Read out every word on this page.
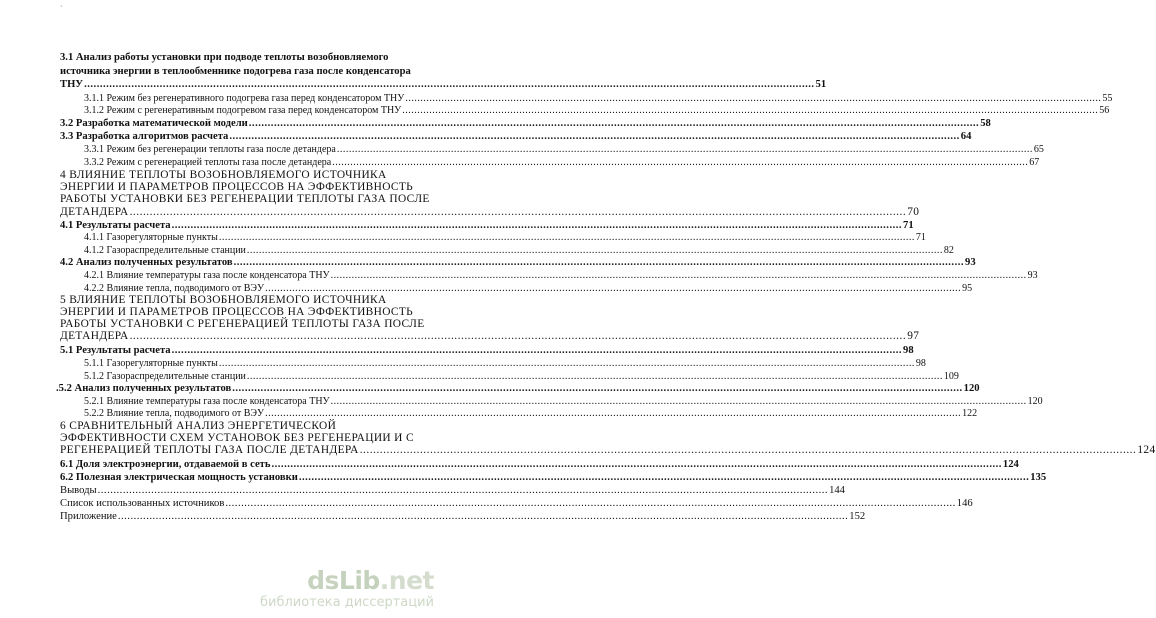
`
3.1 Анализ работы установки при подводе теплоты возобновляемого
источника энергии в теплообменнике подогрева газа после конденсатора
ТНУ .....	51
3.1.1 Режим без регенеративного подогрева газа перед конденсатором ТНУ .....	55
3.1.2 Режим с регенеративным подогревом газа перед конденсатором ТНУ .....	56
3.2 Разработка математической модели .....	58
3.3 Разработка алгоритмов расчета .....	64
3.3.1 Режим без регенерации теплоты газа после детандера .....	65
3.3.2 Режим с регенерацией теплоты газа после детандера .....	67
4 ВЛИЯНИЕ ТЕПЛОТЫ ВОЗОБНОВЛЯЕМОГО ИСТОЧНИКА
ЭНЕРГИИ И ПАРАМЕТРОВ ПРОЦЕССОВ НА ЭФФЕКТИВНОСТЬ
РАБОТЫ УСТАНОВКИ БЕЗ РЕГЕНЕРАЦИИ ТЕПЛОТЫ ГАЗА ПОСЛЕ
ДЕТАНДЕРА .....	70
4.1 Результаты расчета .....	71
4.1.1 Газорегуляторные пункты .....	71
4.1.2 Газораспределительные станции .....	82
4.2 Анализ полученных результатов .....	93
4.2.1 Влияние температуры газа после конденсатора ТНУ .....	93
4.2.2 Влияние тепла, подводимого от ВЭУ .....	95
5 ВЛИЯНИЕ ТЕПЛОТЫ ВОЗОБНОВЛЯЕМОГО ИСТОЧНИКА
ЭНЕРГИИ И ПАРАМЕТРОВ ПРОЦЕССОВ НА ЭФФЕКТИВНОСТЬ
РАБОТЫ УСТАНОВКИ С РЕГЕНЕРАЦИЕЙ ТЕПЛОТЫ ГАЗА ПОСЛЕ
ДЕТАНДЕРА .....	97
5.1 Результаты расчета .....	98
5.1.1 Газорегуляторные пункты .....	98
5.1.2 Газораспределительные станции .....	109
.5.2 Анализ полученных результатов .....	120
5.2.1 Влияние температуры газа после конденсатора ТНУ .....	120
5.2.2 Влияние тепла, подводимого от ВЭУ .....	122
6 СРАВНИТЕЛЬНЫЙ АНАЛИЗ ЭНЕРГЕТИЧЕСКОЙ
ЭФФЕКТИВНОСТИ СХЕМ УСТАНОВОК БЕЗ РЕГЕНЕРАЦИИ И С
РЕГЕНЕРАЦИЕЙ ТЕПЛОТЫ ГАЗА ПОСЛЕ ДЕТАНДЕРА .....	124
6.1 Доля электроэнергии, отдаваемой в сеть .....	124
6.2 Полезная электрическая мощность установки .....	135
Выводы .....	144
Список использованных источников .....	146
Приложение .....	152
dsLib.net
библиотека диссертаций
